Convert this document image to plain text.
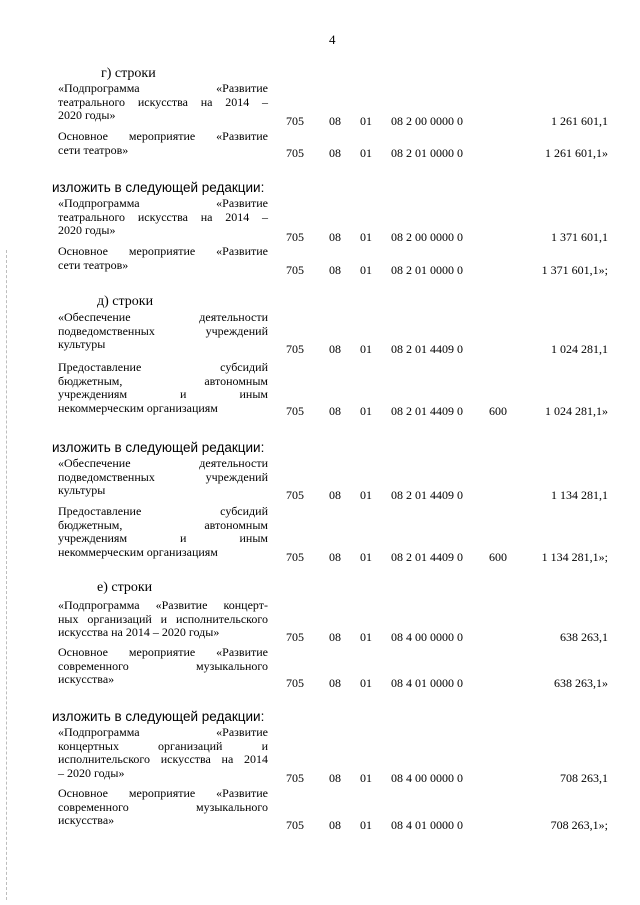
4
г) строки
«Подпрограмма «Развитие
театрального искусства на 2014 –
2020 годы»	705 08 01 08 2 00 0000 0	1 261 601,1
Основное мероприятие «Развитие
сети театров»	705 08 01 08 2 01 0000 0	1 261 601,1»
изложить в следующей редакции:
«Подпрограмма «Развитие
театрального искусства на 2014 –
2020 годы»	705 08 01 08 2 00 0000 0	1 371 601,1
Основное мероприятие «Развитие
сети театров»	705 08 01 08 2 01 0000 0	1 371 601,1»;
д) строки
«Обеспечение деятельности
подведомственных учреждений
культуры	705 08 01 08 2 01 4409 0	1 024 281,1
Предоставление субсидий
бюджетным, автономным
учреждениям и иным
некоммерческим организациям	705 08 01 08 2 01 4409 0 600	1 024 281,1»
изложить в следующей редакции:
«Обеспечение деятельности
подведомственных учреждений
культуры	705 08 01 08 2 01 4409 0	1 134 281,1
Предоставление субсидий
бюджетным, автономным
учреждениям и иным
некоммерческим организациям	705 08 01 08 2 01 4409 0 600	1 134 281,1»;
е) строки
«Подпрограмма «Развитие концерт-
ных организаций и исполнительского
искусства на 2014 – 2020 годы»	705 08 01 08 4 00 0000 0	638 263,1
Основное мероприятие «Развитие
современного музыкального
искусства»	705 08 01 08 4 01 0000 0	638 263,1»
изложить в следующей редакции:
«Подпрограмма «Развитие
концертных организаций и
исполнительского искусства на 2014
– 2020 годы»	705 08 01 08 4 00 0000 0	708 263,1
Основное мероприятие «Развитие
современного музыкального
искусства»	705 08 01 08 4 01 0000 0	708 263,1»;
